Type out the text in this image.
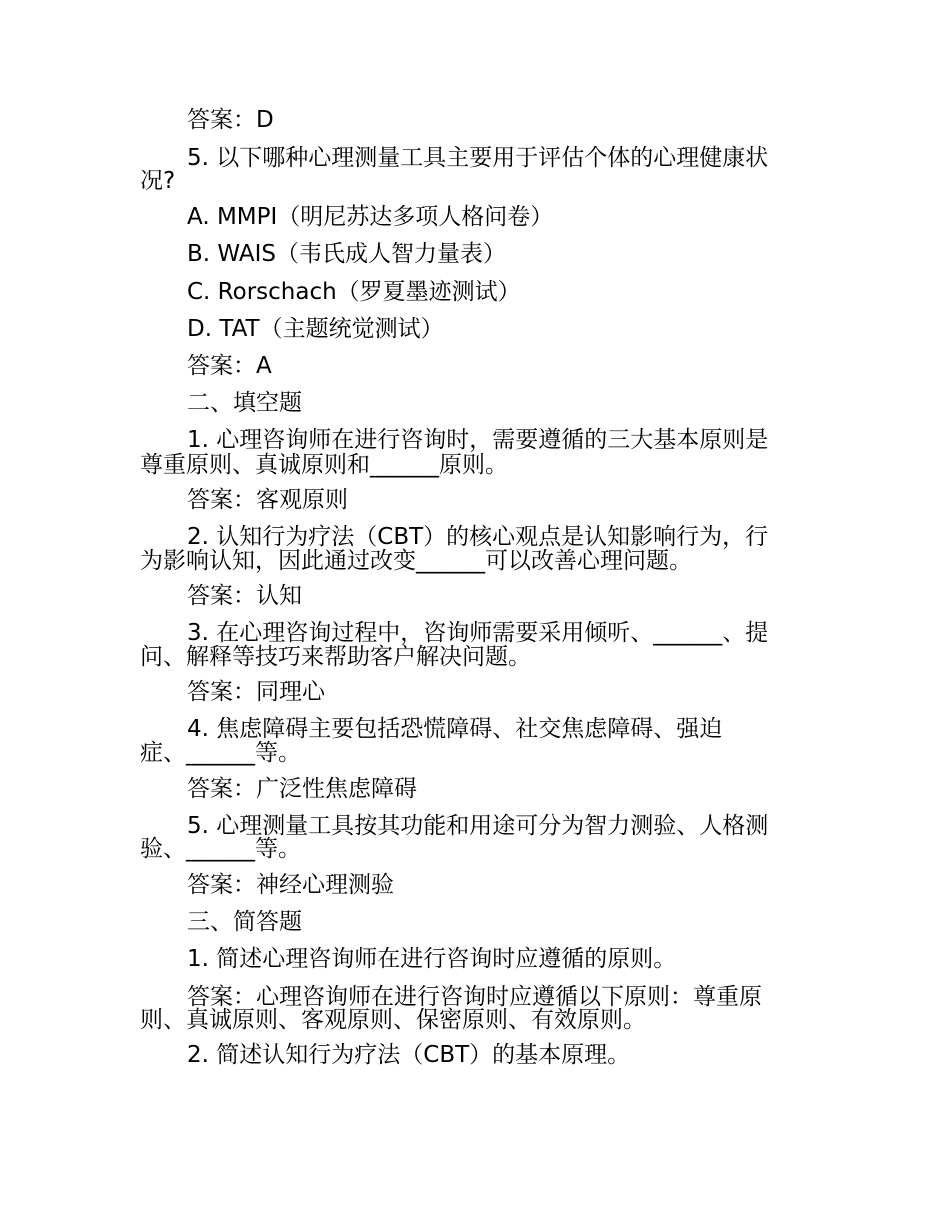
答案：D
5. 以下哪种心理测量工具主要用于评估个体的心理健康状
况?
A. MMPI（明尼苏达多项人格问卷）
B. WAIS（韦氏成人智力量表）
C. Rorschach（罗夏墨迹测试）
D. TAT（主题统觉测试）
答案：A
二、填空题
1. 心理咨询师在进行咨询时，需要遵循的三大基本原则是
尊重原则、真诚原则和______原则。
答案：客观原则
2. 认知行为疗法（CBT）的核心观点是认知影响行为，行
为影响认知，因此通过改变______可以改善心理问题。
答案：认知
3. 在心理咨询过程中，咨询师需要采用倾听、______、提
问、解释等技巧来帮助客户解决问题。
答案：同理心
4. 焦虑障碍主要包括恐慌障碍、社交焦虑障碍、强迫
症、______等。
答案：广泛性焦虑障碍
5. 心理测量工具按其功能和用途可分为智力测验、人格测
验、______等。
答案：神经心理测验
三、简答题
1. 简述心理咨询师在进行咨询时应遵循的原则。
答案：心理咨询师在进行咨询时应遵循以下原则：尊重原
则、真诚原则、客观原则、保密原则、有效原则。
2. 简述认知行为疗法（CBT）的基本原理。
